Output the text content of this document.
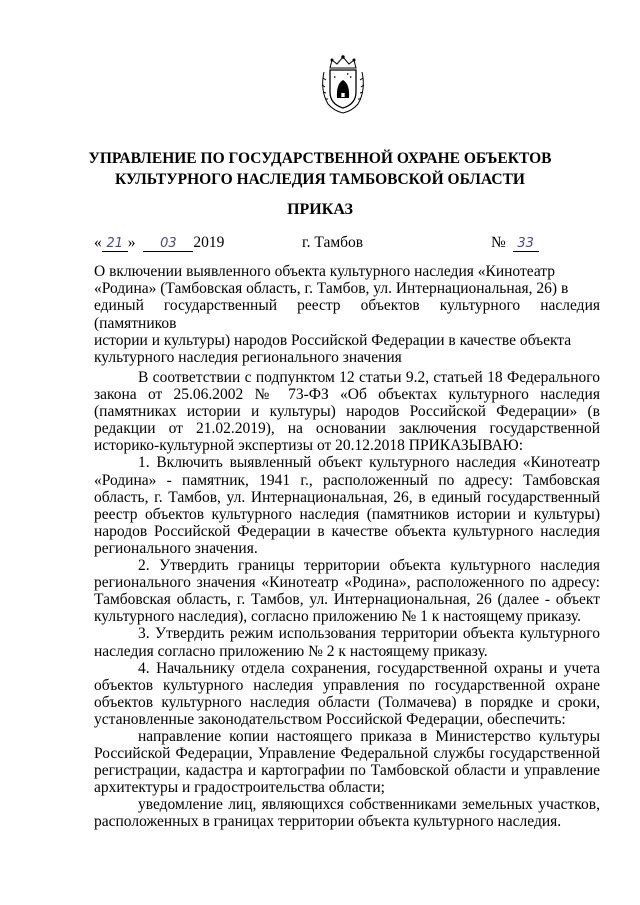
УПРАВЛЕНИЕ ПО ГОСУДАРСТВЕННОЙ ОХРАНЕ ОБЪЕКТОВ
КУЛЬТУРНОГО НАСЛЕДИЯ ТАМБОВСКОЙ ОБЛАСТИ
ПРИКАЗ
« 21 » 03 2019	г. Тамбов	№ 33
О включении выявленного объекта культурного наследия «Кинотеатр
«Родина» (Тамбовская область, г. Тамбов, ул. Интернациональная, 26) в
единый государственный реестр объектов культурного наследия (памятников
истории и культуры) народов Российской Федерации в качестве объекта
культурного наследия регионального значения

В соответствии с подпунктом 12 статьи 9.2, статьей 18 Федерального закона от 25.06.2002 № 73-ФЗ «Об объектах культурного наследия (памятниках истории и культуры) народов Российской Федерации» (в редакции от 21.02.2019), на основании заключения государственной историко-культурной экспертизы от 20.12.2018 ПРИКАЗЫВАЮ:

1. Включить выявленный объект культурного наследия «Кинотеатр «Родина» - памятник, 1941 г., расположенный по адресу: Тамбовская область, г. Тамбов, ул. Интернациональная, 26, в единый государственный реестр объектов культурного наследия (памятников истории и культуры) народов Российской Федерации в качестве объекта культурного наследия регионального значения.

2. Утвердить границы территории объекта культурного наследия регионального значения «Кинотеатр «Родина», расположенного по адресу: Тамбовская область, г. Тамбов, ул. Интернациональная, 26 (далее - объект культурного наследия), согласно приложению № 1 к настоящему приказу.

3. Утвердить режим использования территории объекта культурного наследия согласно приложению № 2 к настоящему приказу.

4. Начальнику отдела сохранения, государственной охраны и учета объектов культурного наследия управления по государственной охране объектов культурного наследия области (Толмачева) в порядке и сроки, установленные законодательством Российской Федерации, обеспечить:

направление копии настоящего приказа в Министерство культуры Российской Федерации, Управление Федеральной службы государственной регистрации, кадастра и картографии по Тамбовской области и управление архитектуры и градостроительства области;

уведомление лиц, являющихся собственниками земельных участков, расположенных в границах территории объекта культурного наследия.
